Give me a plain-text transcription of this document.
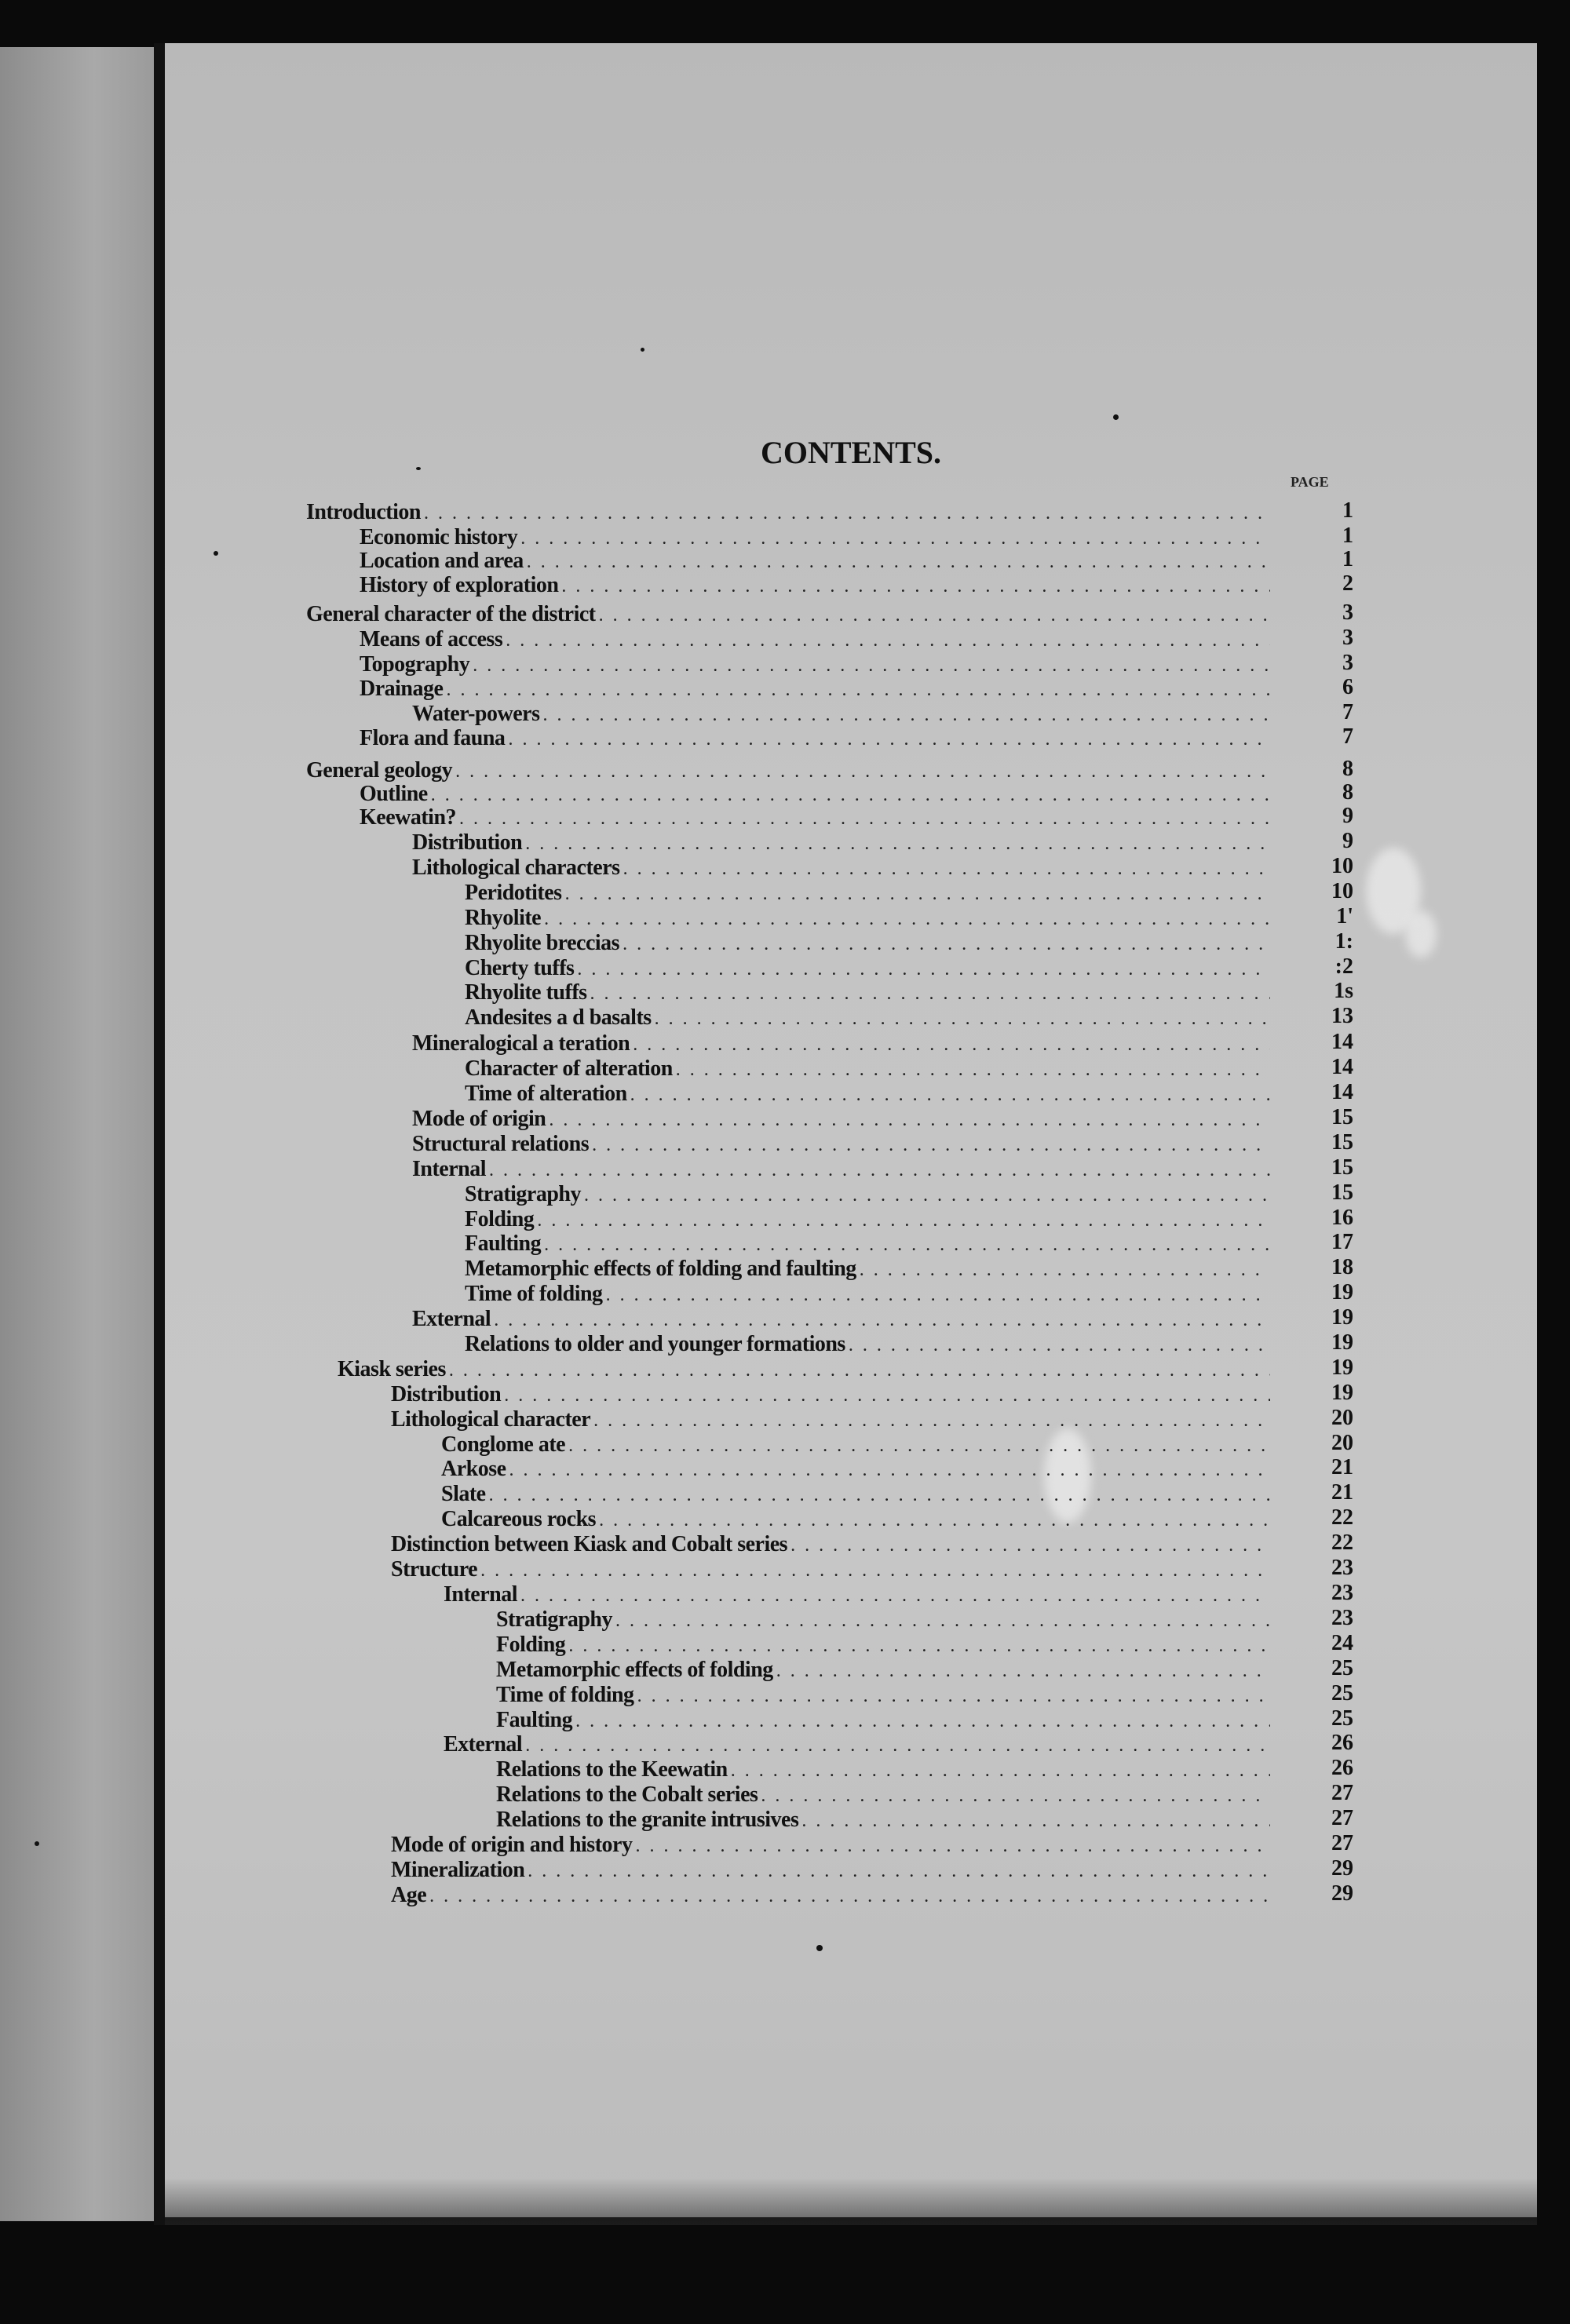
CONTENTS.
PAGE
Introduction . . .	1
Economic history . . .	1
Location and area . . .	1
History of exploration . . .	2
General character of the district . . .	3
Means of access . . .	3
Topography . . .	3
Drainage . . .	6
Water-powers . . .	7
Flora and fauna . . .	7
General geology . . .	8
Outline . . .	8
Keewatin? . . .	9
Distribution . . .	9
Lithological characters . . .	10
Peridotites . . .	10
Rhyolite . . .	1'
Rhyolite breccias . . .	1:
Cherty tuffs . . .	:2
Rhyolite tuffs . . .	1s
Andesites a d basalts . . .	13
Mineralogical a teration . . .	14
Character of alteration . . .	14
Time of alteration . . .	14
Mode of origin . . .	15
Structural relations . . .	15
Internal . . .	15
Stratigraphy . . .	15
Folding . . .	16
Faulting . . .	17
Metamorphic effects of folding and faulting . . .	18
Time of folding . . .	19
External . . .	19
Relations to older and younger formations . . .	19
Kiask series . . .	19
Distribution . . .	19
Lithological character . . .	20
Conglome ate . . .	20
Arkose . . .	21
Slate . . .	21
Calcareous rocks . . .	22
Distinction between Kiask and Cobalt series . . .	22
Structure . . .	23
Internal . . .	23
Stratigraphy . . .	23
Folding . . .	24
Metamorphic effects of folding . . .	25
Time of folding . . .	25
Faulting . . .	25
External . . .	26
Relations to the Keewatin . . .	26
Relations to the Cobalt series . . .	27
Relations to the granite intrusives . . .	27
Mode of origin and history . . .	27
Mineralization . . .	29
Age . . .	29
